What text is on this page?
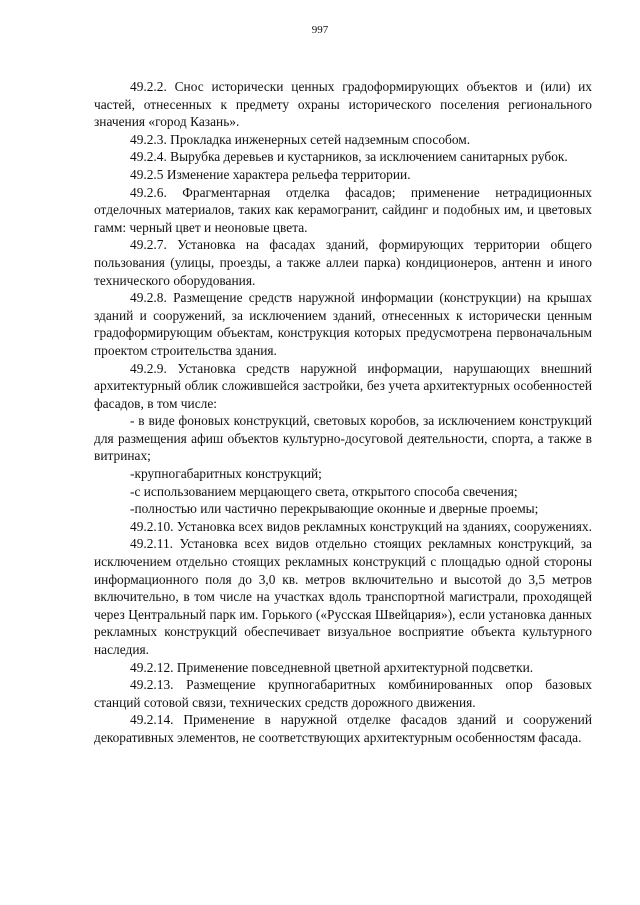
997

49.2.2. Снос исторически ценных градоформирующих объектов и (или) их частей, отнесенных к предмету охраны исторического поселения регионального значения «город Казань».

49.2.3. Прокладка инженерных сетей надземным способом.

49.2.4. Вырубка деревьев и кустарников, за исключением санитарных рубок.

49.2.5 Изменение характера рельефа территории.

49.2.6. Фрагментарная отделка фасадов; применение нетрадиционных отделочных материалов, таких как керамогранит, сайдинг и подобных им, и цветовых гамм: черный цвет и неоновые цвета.

49.2.7. Установка на фасадах зданий, формирующих территории общего пользования (улицы, проезды, а также аллеи парка) кондиционеров, антенн и иного технического оборудования.

49.2.8. Размещение средств наружной информации (конструкции) на крышах зданий и сооружений, за исключением зданий, отнесенных к исторически ценным градоформирующим объектам, конструкция которых предусмотрена первоначальным проектом строительства здания.

49.2.9. Установка средств наружной информации, нарушающих внешний архитектурный облик сложившейся застройки, без учета архитектурных особенностей фасадов, в том числе:

- в виде фоновых конструкций, световых коробов, за исключением конструкций для размещения афиш объектов культурно-досуговой деятельности, спорта, а также в витринах;

-крупногабаритных конструкций;

-с использованием мерцающего света, открытого способа свечения;

-полностью или частично перекрывающие оконные и дверные проемы;

49.2.10. Установка всех видов рекламных конструкций на зданиях, сооружениях.

49.2.11. Установка всех видов отдельно стоящих рекламных конструкций, за исключением отдельно стоящих рекламных конструкций с площадью одной стороны информационного поля до 3,0 кв. метров включительно и высотой до 3,5 метров включительно, в том числе на участках вдоль транспортной магистрали, проходящей через Центральный парк им. Горького («Русская Швейцария»), если установка данных рекламных конструкций обеспечивает визуальное восприятие объекта культурного наследия.

49.2.12. Применение повседневной цветной архитектурной подсветки.

49.2.13. Размещение крупногабаритных комбинированных опор базовых станций сотовой связи, технических средств дорожного движения.

49.2.14. Применение в наружной отделке фасадов зданий и сооружений декоративных элементов, не соответствующих архитектурным особенностям фасада.
